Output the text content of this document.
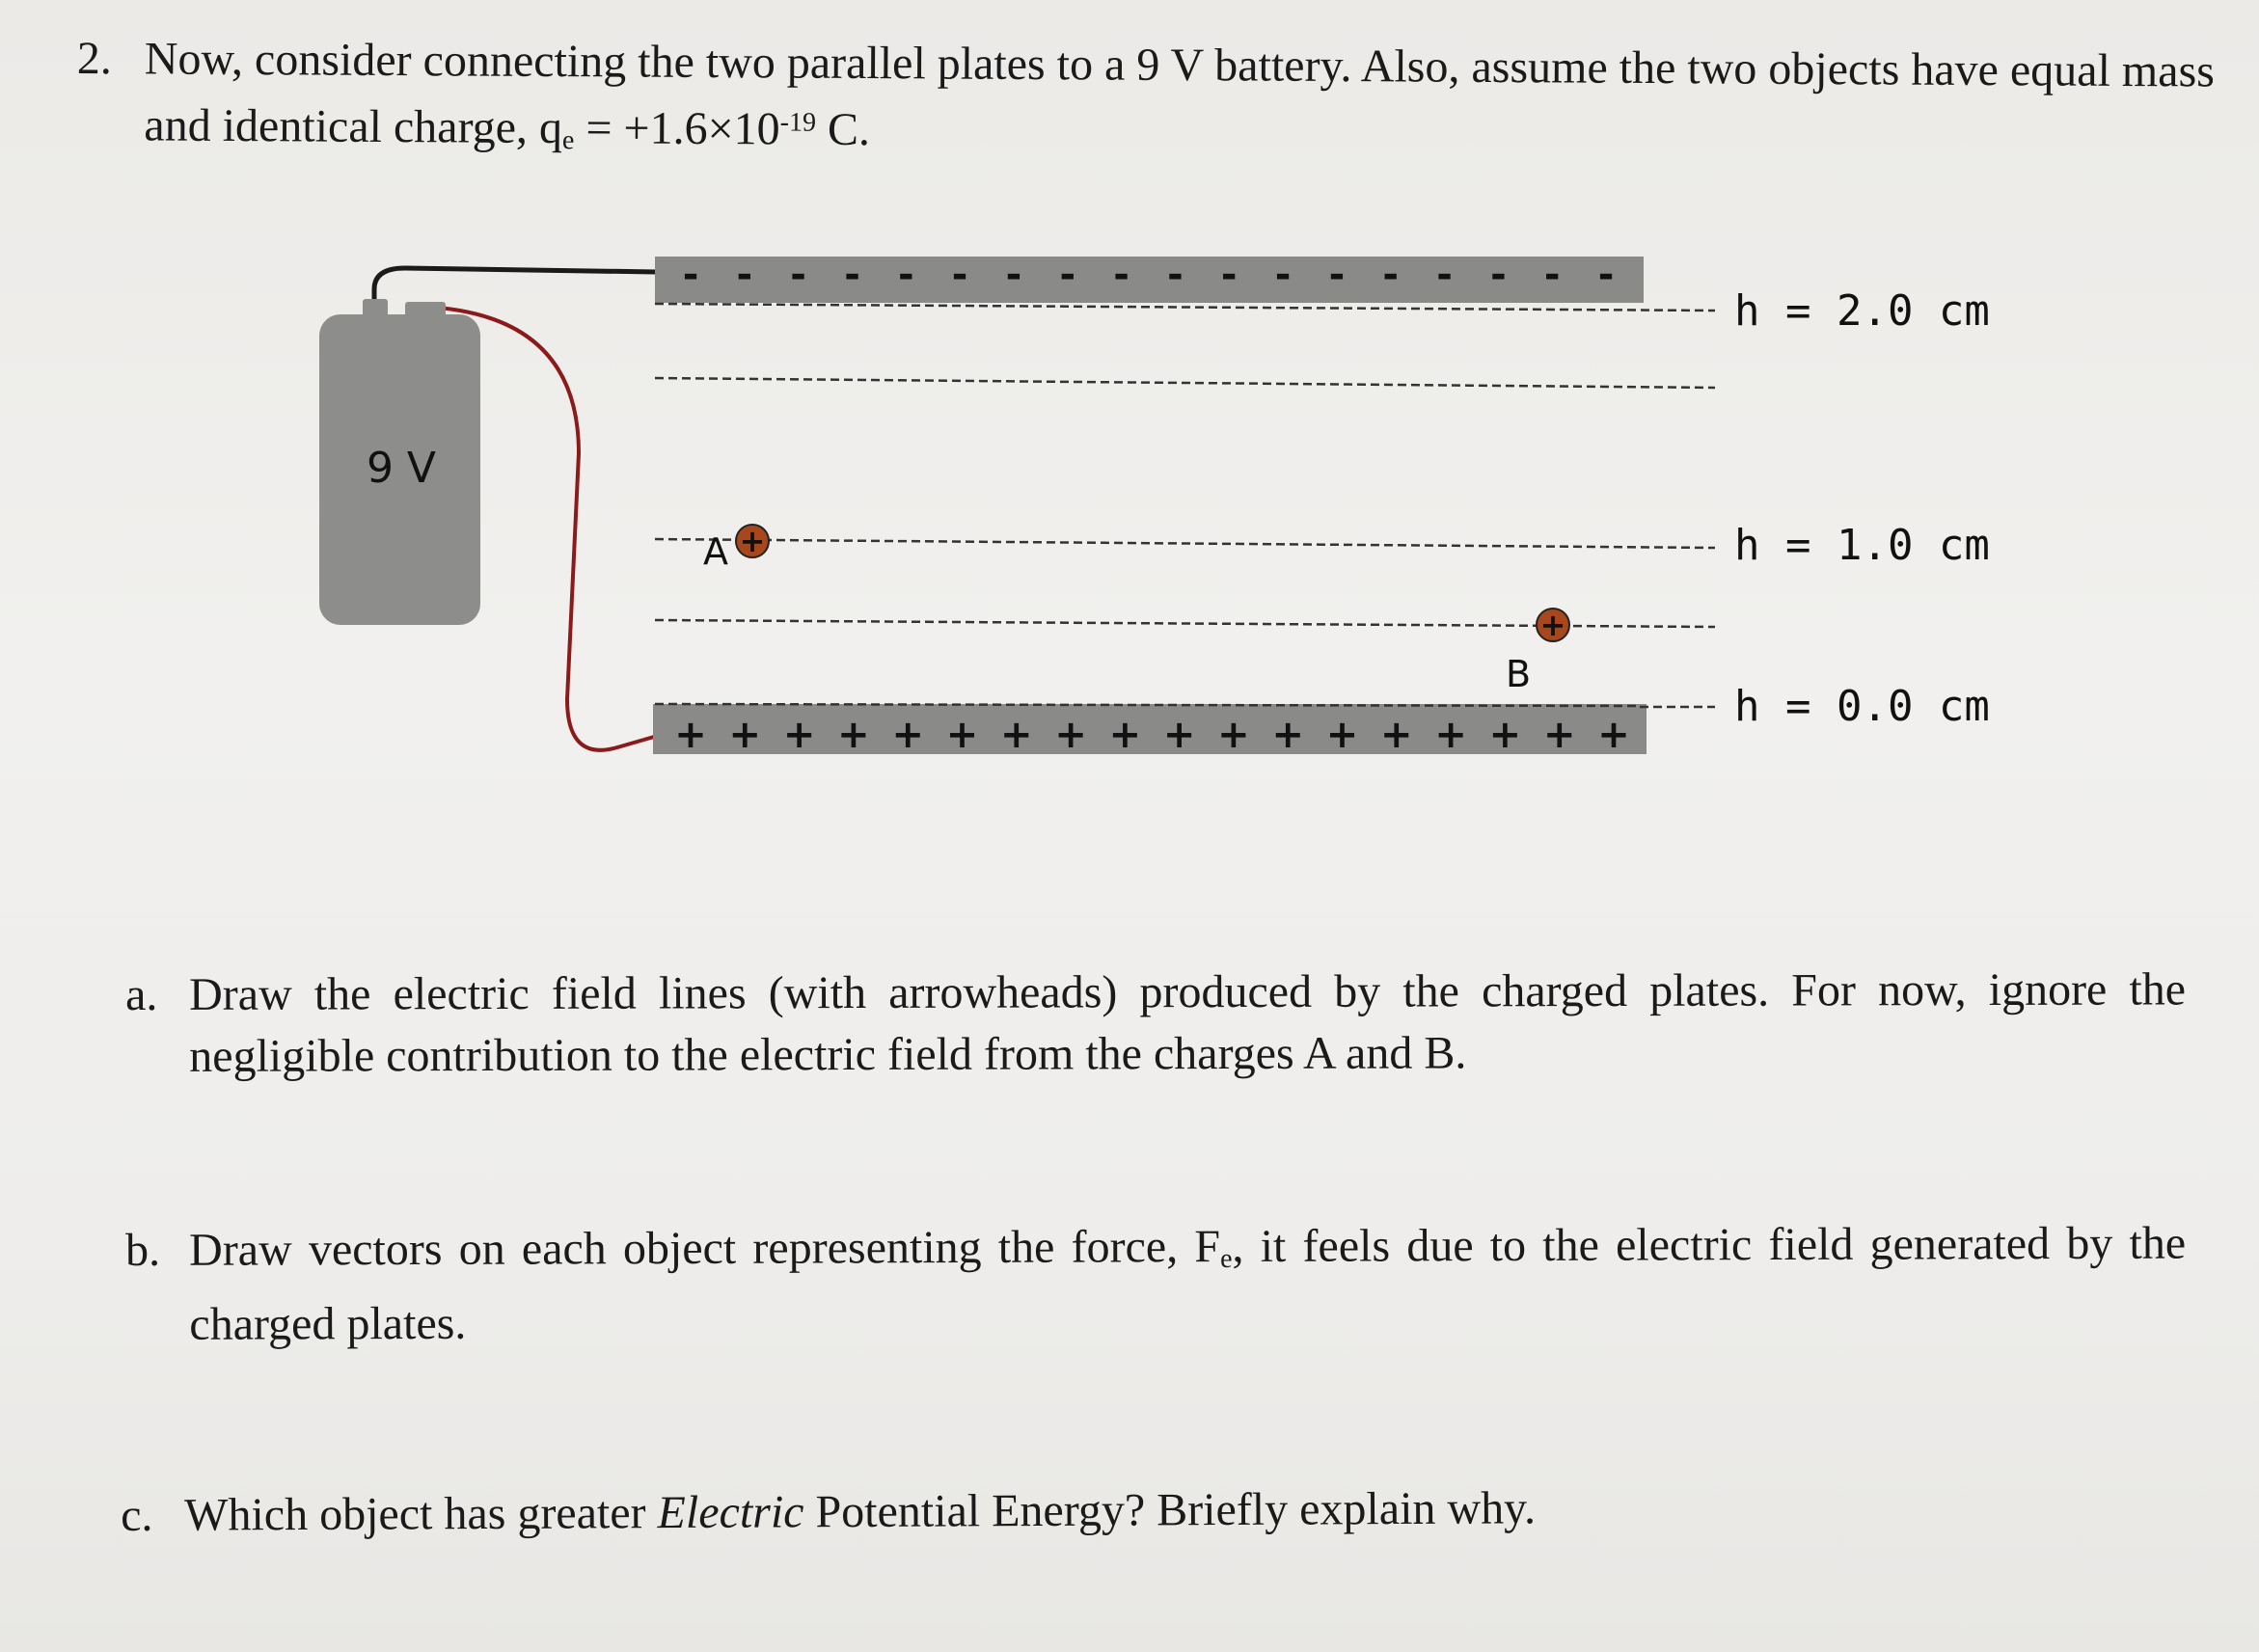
2. Now, consider connecting the two parallel plates to a 9 V battery. Also, assume the two objects have equal mass and identical charge, $q_e = +1.6\times 10^{-19}$ C.
9 V
- - - - - - - - - - - - - - - - - -
+ + + + + + + + + + + + + + + + + +
h = 2.0 cm
h = 1.0 cm
h = 0.0 cm
A +
+
B
a. Draw the electric field lines (with arrowheads) produced by the charged plates. For now, ignore the negligible contribution to the electric field from the charges A and B.
b. Draw vectors on each object representing the force, $F_e$, it feels due to the electric field generated by the charged plates.
c. Which object has greater Electric Potential Energy? Briefly explain why.
